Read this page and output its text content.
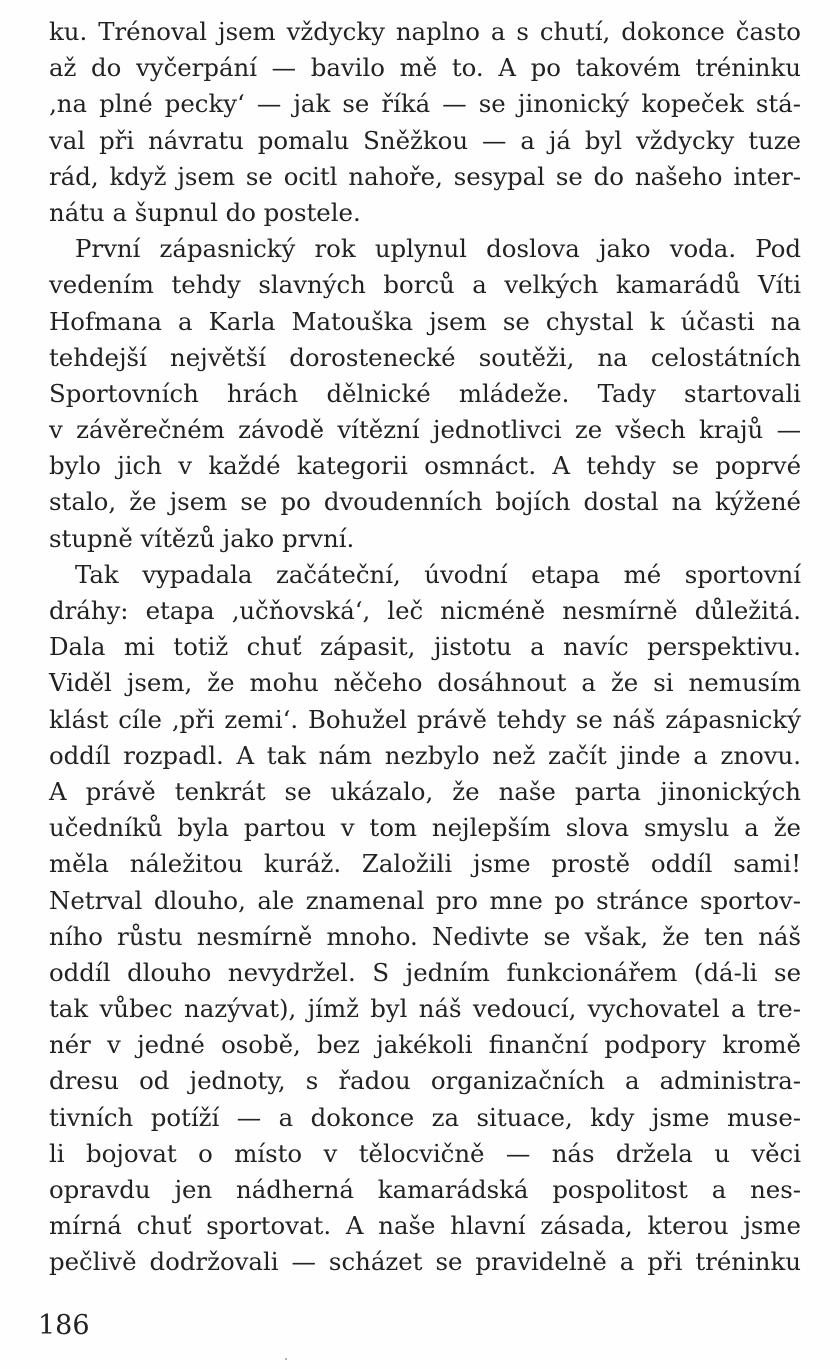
ku. Trénoval jsem vždycky naplno a s chutí, dokonce často
až do vyčerpání — bavilo mě to. A po takovém tréninku
‚na plné pecky‘ — jak se říká — se jinonický kopeček stá-
val při návratu pomalu Sněžkou — a já byl vždycky tuze
rád, když jsem se ocitl nahoře, sesypal se do našeho inter-
nátu a šupnul do postele.
První zápasnický rok uplynul doslova jako voda. Pod
vedením tehdy slavných borců a velkých kamarádů Víti
Hofmana a Karla Matouška jsem se chystal k účasti na
tehdejší největší dorostenecké soutěži, na celostátních
Sportovních hrách dělnické mládeže. Tady startovali
v závěrečném závodě vítězní jednotlivci ze všech krajů —
bylo jich v každé kategorii osmnáct. A tehdy se poprvé
stalo, že jsem se po dvoudenních bojích dostal na kýžené
stupně vítězů jako první.
Tak vypadala začáteční, úvodní etapa mé sportovní
dráhy: etapa ‚učňovská‘, leč nicméně nesmírně důležitá.
Dala mi totiž chuť zápasit, jistotu a navíc perspektivu.
Viděl jsem, že mohu něčeho dosáhnout a že si nemusím
klást cíle ‚při zemi‘. Bohužel právě tehdy se náš zápasnický
oddíl rozpadl. A tak nám nezbylo než začít jinde a znovu.
A právě tenkrát se ukázalo, že naše parta jinonických
učedníků byla partou v tom nejlepším slova smyslu a že
měla náležitou kuráž. Založili jsme prostě oddíl sami!
Netrval dlouho, ale znamenal pro mne po stránce sportov-
ního růstu nesmírně mnoho. Nedivte se však, že ten náš
oddíl dlouho nevydržel. S jedním funkcionářem (dá-li se
tak vůbec nazývat), jímž byl náš vedoucí, vychovatel a tre-
nér v jedné osobě, bez jakékoli finanční podpory kromě
dresu od jednoty, s řadou organizačních a administra-
tivních potíží — a dokonce za situace, kdy jsme muse-
li bojovat o místo v tělocvičně — nás držela u věci
opravdu jen nádherná kamarádská pospolitost a nes-
mírná chuť sportovat. A naše hlavní zásada, kterou jsme
pečlivě dodržovali — scházet se pravidelně a při tréninku
186
